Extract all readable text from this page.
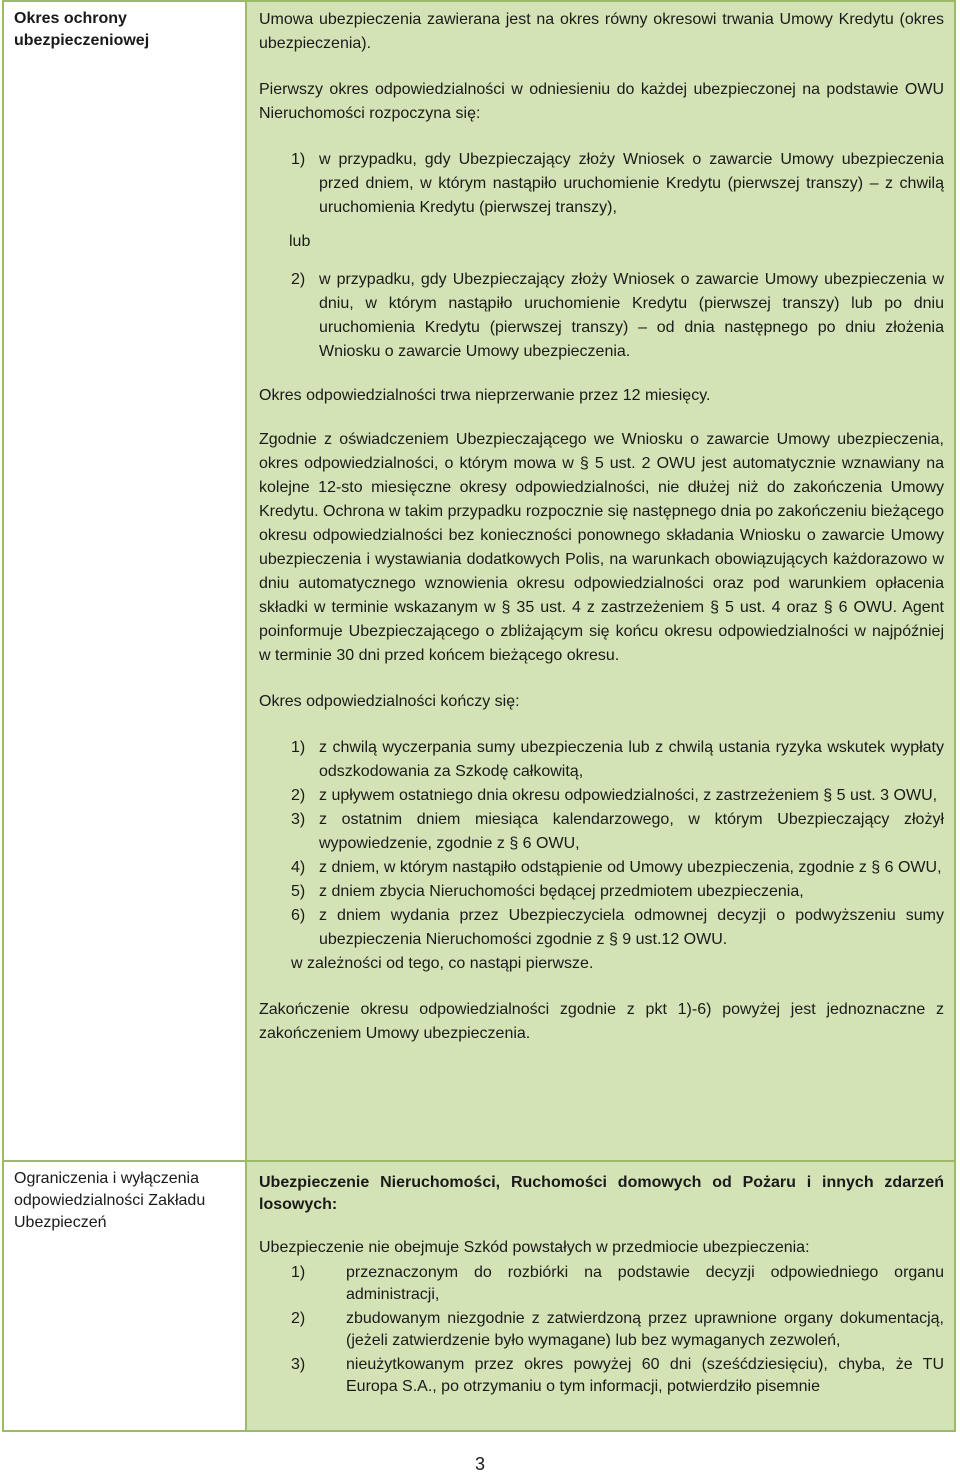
Okres ochrony ubezpieczeniowej

Umowa ubezpieczenia zawierana jest na okres równy okresowi trwania Umowy Kredytu (okres ubezpieczenia).

Pierwszy okres odpowiedzialności w odniesieniu do każdej ubezpieczonej na podstawie OWU Nieruchomości rozpoczyna się:

1) w przypadku, gdy Ubezpieczający złoży Wniosek o zawarcie Umowy ubezpieczenia przed dniem, w którym nastąpiło uruchomienie Kredytu (pierwszej transzy) – z chwilą uruchomienia Kredytu (pierwszej transzy),

lub

2) w przypadku, gdy Ubezpieczający złoży Wniosek o zawarcie Umowy ubezpieczenia w dniu, w którym nastąpiło uruchomienie Kredytu (pierwszej transzy) lub po dniu uruchomienia Kredytu (pierwszej transzy) – od dnia następnego po dniu złożenia Wniosku o zawarcie Umowy ubezpieczenia.

Okres odpowiedzialności trwa nieprzerwanie przez 12 miesięcy.

Zgodnie z oświadczeniem Ubezpieczającego we Wniosku o zawarcie Umowy ubezpieczenia, okres odpowiedzialności, o którym mowa w § 5 ust. 2 OWU jest automatycznie wznawiany na kolejne 12-sto miesięczne okresy odpowiedzialności, nie dłużej niż do zakończenia Umowy Kredytu. Ochrona w takim przypadku rozpocznie się następnego dnia po zakończeniu bieżącego okresu odpowiedzialności bez konieczności ponownego składania Wniosku o zawarcie Umowy ubezpieczenia i wystawiania dodatkowych Polis, na warunkach obowiązujących każdorazowo w dniu automatycznego wznowienia okresu odpowiedzialności oraz pod warunkiem opłacenia składki w terminie wskazanym w § 35 ust. 4 z zastrzeżeniem § 5 ust. 4 oraz § 6 OWU. Agent poinformuje Ubezpieczającego o zbliżającym się końcu okresu odpowiedzialności w najpóźniej w terminie 30 dni przed końcem bieżącego okresu.

Okres odpowiedzialności kończy się:

1) z chwilą wyczerpania sumy ubezpieczenia lub z chwilą ustania ryzyka wskutek wypłaty odszkodowania za Szkodę całkowitą,
2) z upływem ostatniego dnia okresu odpowiedzialności, z zastrzeżeniem § 5 ust. 3 OWU,
3) z ostatnim dniem miesiąca kalendarzowego, w którym Ubezpieczający złożył wypowiedzenie, zgodnie z § 6 OWU,
4) z dniem, w którym nastąpiło odstąpienie od Umowy ubezpieczenia, zgodnie z § 6 OWU,
5) z dniem zbycia Nieruchomości będącej przedmiotem ubezpieczenia,
6) z dniem wydania przez Ubezpieczyciela odmownej decyzji o podwyższeniu sumy ubezpieczenia Nieruchomości zgodnie z § 9 ust.12 OWU.

w zależności od tego, co nastąpi pierwsze.

Zakończenie okresu odpowiedzialności zgodnie z pkt 1)-6) powyżej jest jednoznaczne z zakończeniem Umowy ubezpieczenia.

Ograniczenia i wyłączenia odpowiedzialności Zakładu Ubezpieczeń

Ubezpieczenie Nieruchomości, Ruchomości domowych od Pożaru i innych zdarzeń losowych:

Ubezpieczenie nie obejmuje Szkód powstałych w przedmiocie ubezpieczenia:

1)	przeznaczonym do rozbiórki na podstawie decyzji odpowiedniego organu administracji,
2)	zbudowanym niezgodnie z zatwierdzoną przez uprawnione organy dokumentacją, (jeżeli zatwierdzenie było wymagane) lub bez wymaganych zezwoleń,
3)	nieużytkowanym przez okres powyżej 60 dni (sześćdziesięciu), chyba, że TU Europa S.A., po otrzymaniu o tym informacji, potwierdziło pisemnie
3
